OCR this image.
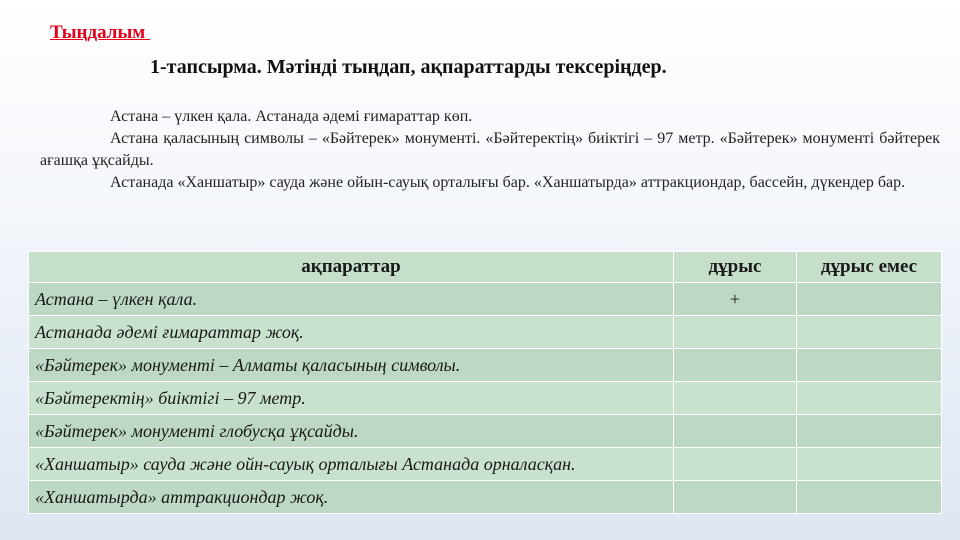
Тыңдалым
1-тапсырма. Мәтінді тыңдап, ақпараттарды тексеріңдер.

Астана – үлкен қала. Астанада әдемі ғимараттар көп.

Астана қаласының символы – «Бәйтерек» монументі. «Бәйтеректің» биіктігі – 97 метр. «Бәйтерек» монументі бәйтерек ағашқа ұқсайды.

Астанада «Ханшатыр» сауда және ойын-сауық орталығы бар. «Ханшатырда» аттракциондар, бассейн, дүкендер бар.

ақпараттар	дұрыс	дұрыс емес
Астана – үлкен қала.	+	
Астанада әдемі ғимараттар жоқ.		
«Бәйтерек» монументі – Алматы қаласының символы.		
«Бәйтеректің» биіктігі – 97 метр.		
«Бәйтерек» монументі глобусқа ұқсайды.		
«Ханшатыр» сауда және ойн-сауық орталығы Астанада орналасқан.		
«Ханшатырда» аттракциондар жоқ.		
